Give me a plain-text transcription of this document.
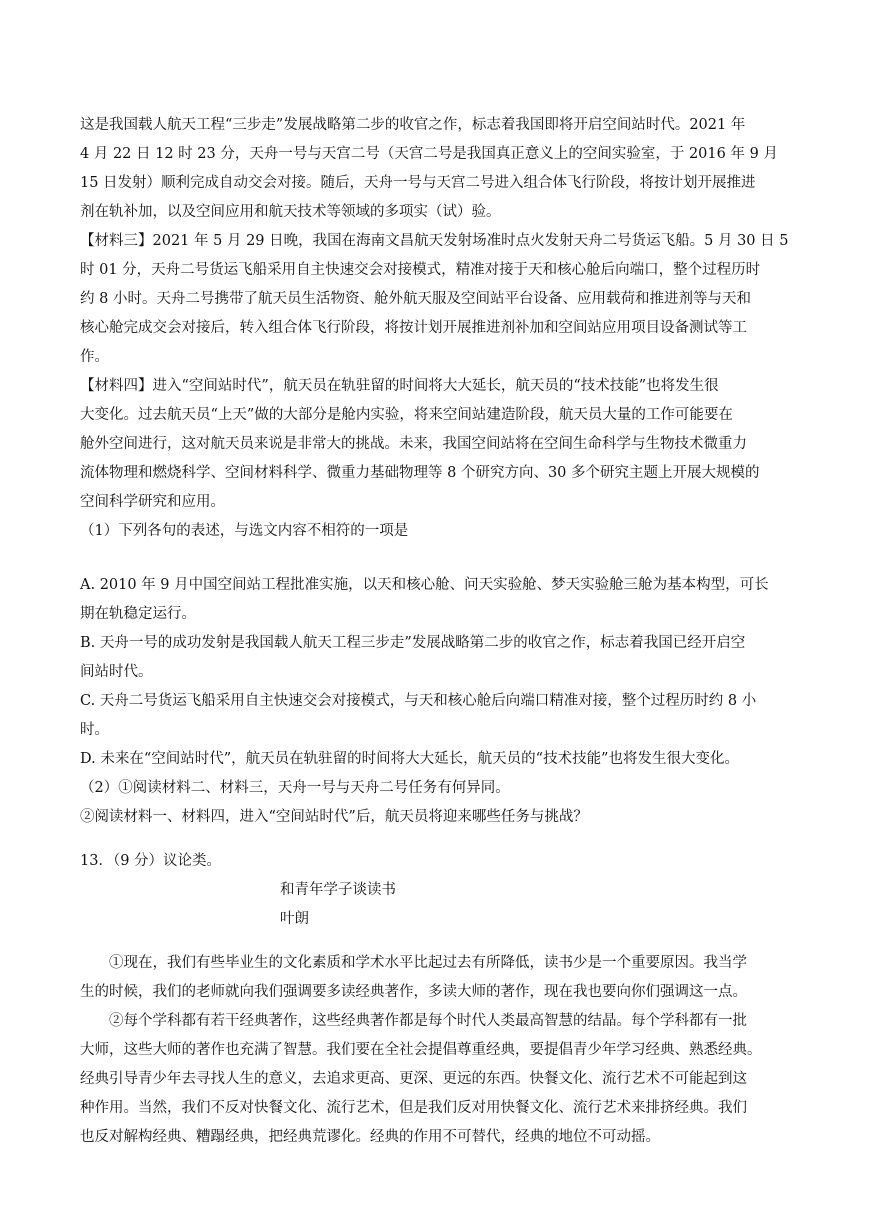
这是我国载人航天工程“三步走”发展战略第二步的收官之作，标志着我国即将开启空间站时代。2021 年
4 月 22 日 12 时 23 分，天舟一号与天宫二号（天宫二号是我国真正意义上的空间实验室，于 2016 年 9 月
15 日发射）顺利完成自动交会对接。随后，天舟一号与天宫二号进入组合体飞行阶段，将按计划开展推进
剂在轨补加，以及空间应用和航天技术等领域的多项实（试）验。
【材料三】2021 年 5 月 29 日晚，我国在海南文昌航天发射场准时点火发射天舟二号货运飞船。5 月 30 日 5
时 01 分，天舟二号货运飞船采用自主快速交会对接模式，精准对接于天和核心舱后向端口，整个过程历时
约 8 小时。天舟二号携带了航天员生活物资、舱外航天服及空间站平台设备、应用载荷和推进剂等与天和
核心舱完成交会对接后，转入组合体飞行阶段，将按计划开展推进剂补加和空间站应用项目设备测试等工
作。
【材料四】进入“空间站时代”，航天员在轨驻留的时间将大大延长，航天员的“技术技能”也将发生很
大变化。过去航天员“上天”做的大部分是舱内实验，将来空间站建造阶段，航天员大量的工作可能要在
舱外空间进行，这对航天员来说是非常大的挑战。未来，我国空间站将在空间生命科学与生物技术微重力
流体物理和燃烧科学、空间材料科学、微重力基础物理等 8 个研究方向、30 多个研究主题上开展大规模的
空间科学研究和应用。
（1）下列各句的表述，与选文内容不相符的一项是
A. 2010 年 9 月中国空间站工程批准实施，以天和核心舱、问天实验舱、梦天实验舱三舱为基本构型，可长
期在轨稳定运行。
B. 天舟一号的成功发射是我国载人航天工程三步走”发展战略第二步的收官之作，标志着我国已经开启空
间站时代。
C. 天舟二号货运飞船采用自主快速交会对接模式，与天和核心舱后向端口精准对接，整个过程历时约 8 小
时。
D. 未来在“空间站时代”，航天员在轨驻留的时间将大大延长，航天员的“技术技能”也将发生很大变化。
（2）①阅读材料二、材料三，天舟一号与天舟二号任务有何异同。
②阅读材料一、材料四，进入“空间站时代”后，航天员将迎来哪些任务与挑战？
13．（9 分）议论类。
和青年学子谈读书
叶朗
　　①现在，我们有些毕业生的文化素质和学术水平比起过去有所降低，读书少是一个重要原因。我当学
生的时候，我们的老师就向我们强调要多读经典著作，多读大师的著作，现在我也要向你们强调这一点。
　　②每个学科都有若干经典著作，这些经典著作都是每个时代人类最高智慧的结晶。每个学科都有一批
大师，这些大师的著作也充满了智慧。我们要在全社会提倡尊重经典，要提倡青少年学习经典、熟悉经典。
经典引导青少年去寻找人生的意义，去追求更高、更深、更远的东西。快餐文化、流行艺术不可能起到这
种作用。当然，我们不反对快餐文化、流行艺术，但是我们反对用快餐文化、流行艺术来排挤经典。我们
也反对解构经典、糟蹋经典，把经典荒谬化。经典的作用不可替代，经典的地位不可动摇。
